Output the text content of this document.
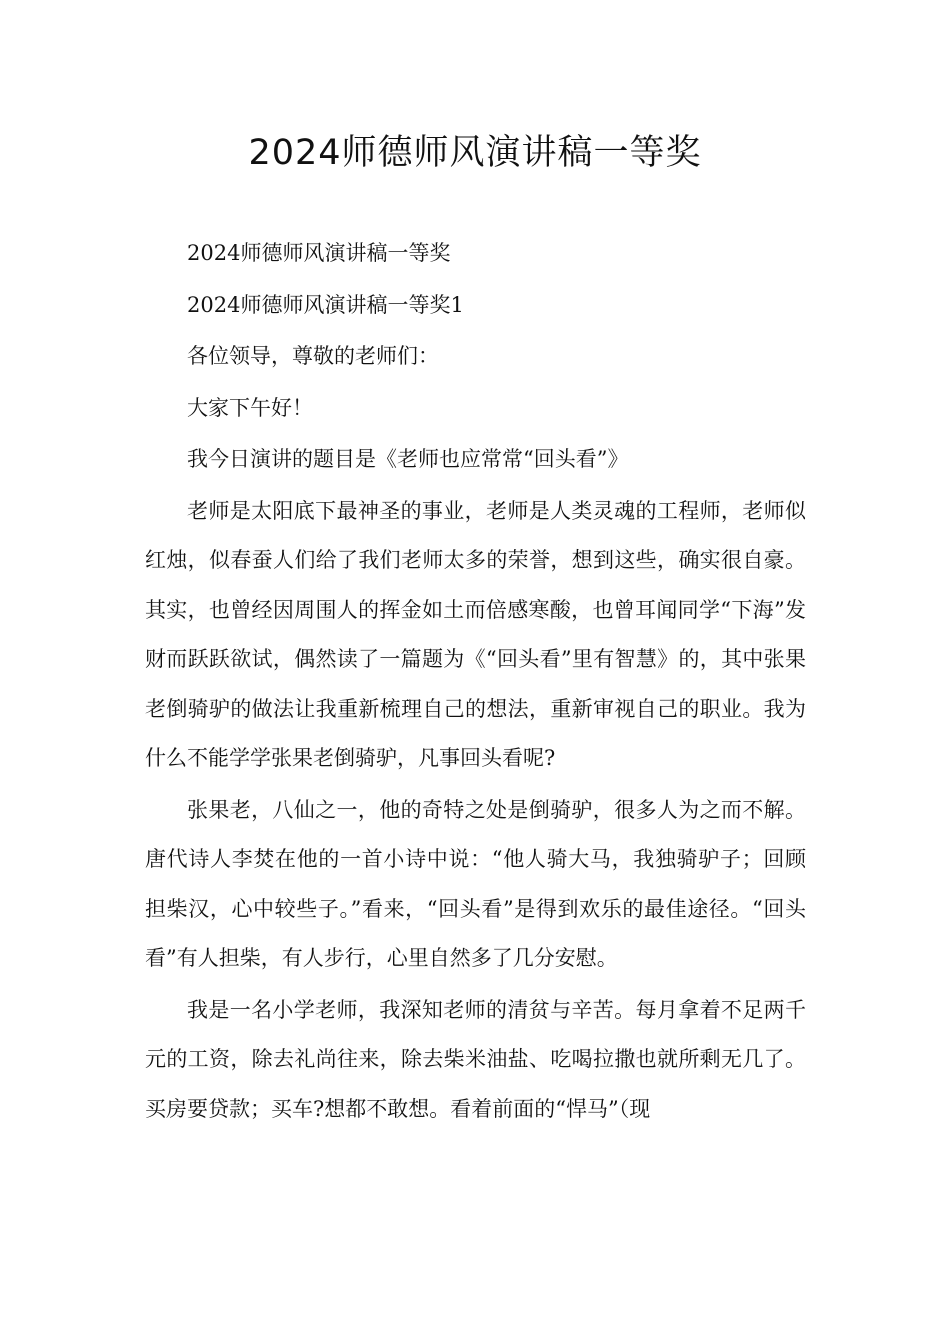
2024师德师风演讲稿一等奖

2024师德师风演讲稿一等奖

2024师德师风演讲稿一等奖1

各位领导，尊敬的老师们：

大家下午好！

我今日演讲的题目是《老师也应常常“回头看”》

老师是太阳底下最神圣的事业，老师是人类灵魂的工程师，老师似红烛，似春蚕人们给了我们老师太多的荣誉，想到这些，确实很自豪。其实，也曾经因周围人的挥金如土而倍感寒酸，也曾耳闻同学“下海”发财而跃跃欲试，偶然读了一篇题为《“回头看”里有智慧》的，其中张果老倒骑驴的做法让我重新梳理自己的想法，重新审视自己的职业。我为什么不能学学张果老倒骑驴，凡事回头看呢?

张果老，八仙之一，他的奇特之处是倒骑驴，很多人为之而不解。唐代诗人李焚在他的一首小诗中说：“他人骑大马，我独骑驴子；回顾担柴汉，心中较些子。”看来，“回头看”是得到欢乐的最佳途径。“回头看”有人担柴，有人步行，心里自然多了几分安慰。

我是一名小学老师，我深知老师的清贫与辛苦。每月拿着不足两千元的工资，除去礼尚往来，除去柴米油盐、吃喝拉撒也就所剩无几了。买房要贷款；买车?想都不敢想。看着前面的“悍马”（现
